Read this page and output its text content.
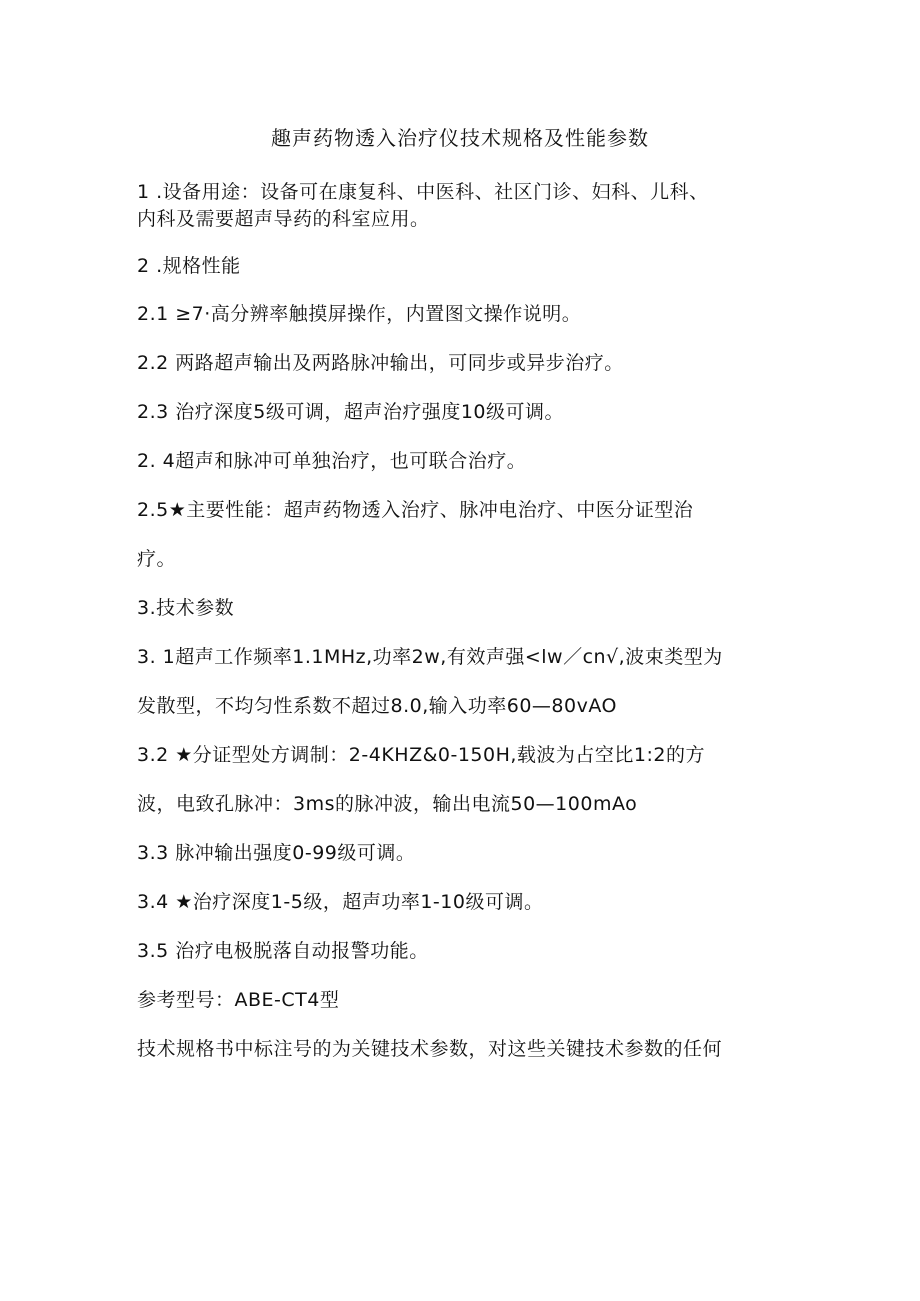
趣声药物透入治疗仪技术规格及性能参数
1 .设备用途：设备可在康复科、中医科、社区门诊、妇科、儿科、
内科及需要超声导药的科室应用。
2 .规格性能
2.1 ≥7·高分辨率触摸屏操作，内置图文操作说明。
2.2 两路超声输出及两路脉冲输出，可同步或异步治疗。
2.3 治疗深度5级可调，超声治疗强度10级可调。
2. 4超声和脉冲可单独治疗，也可联合治疗。
2.5★主要性能：超声药物透入治疗、脉冲电治疗、中医分证型治
疗。
3.技术参数
3. 1超声工作频率1.1MHz,功率2w,有效声强<lw／cn√,波束类型为
发散型，不均匀性系数不超过8.0,输入功率60—80vAO
3.2 ★分证型处方调制：2-4KHZ&0-150H,载波为占空比1:2的方
波，电致孔脉冲：3ms的脉冲波，输出电流50—100mAo
3.3 脉冲输出强度0-99级可调。
3.4 ★治疗深度1-5级，超声功率1-10级可调。
3.5 治疗电极脱落自动报警功能。
参考型号：ABE-CT4型
技术规格书中标注号的为关键技术参数，对这些关键技术参数的任何
